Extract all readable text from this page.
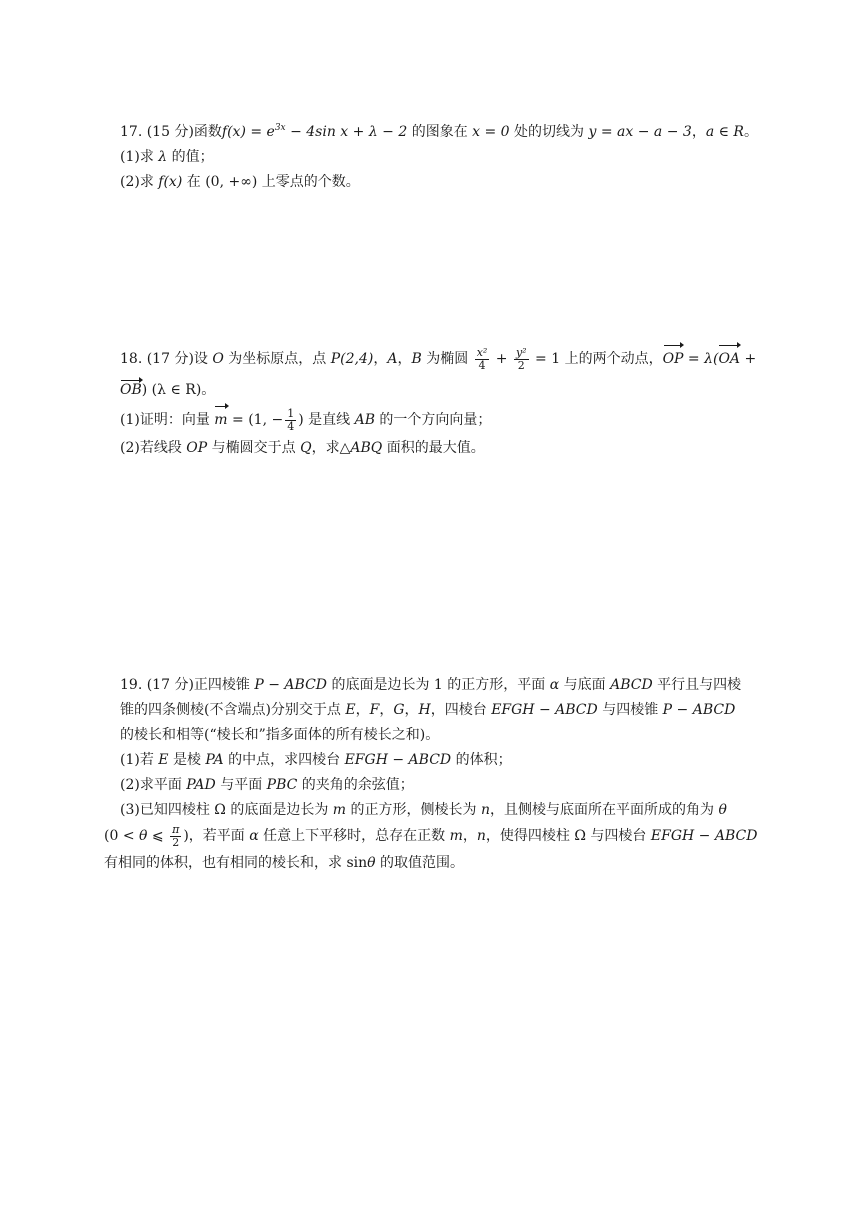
17. (15 分)函数$f(x) = e^{3x} - 4\sin$ x + λ − 2 的图象在 x = 0 处的切线为 y = ax − a − 3，a ∈ R。
(1)求 λ 的值；
(2)求 f(x) 在 (0, +∞) 上零点的个数。
18. (17 分)设 O 为坐标原点，点 P(2,4)，A，B 为椭圆 $\frac{\text{x²}}{4} + \frac{\text{y²}}{2} = 1$ 上的两个动点，OP = λ(OA +
OB) (λ ∈ R)。
(1)证明：向量 m = (1, − $\frac{1}{4}$ ) 是直线 AB 的一个方向向量；
(2)若线段 OP 与椭圆交于点 Q，求△ABQ 面积的最大值。
19. (17 分)正四棱锥 P − ABCD 的底面是边长为 1 的正方形，平面 α 与底面 ABCD 平行且与四棱
锥的四条侧棱(不含端点)分别交于点 E，F，G，H，四棱台 EFGH − ABCD 与四棱锥 P − ABCD
的棱长和相等(“棱长和”指多面体的所有棱长之和)。
(1)若 E 是棱 PA 的中点，求四棱台 EFGH − ABCD 的体积；
(2)求平面 PAD 与平面 PBC 的夹角的余弦值；
(3)已知四棱柱 Ω 的底面是边长为 m 的正方形，侧棱长为 n，且侧棱与底面所在平面所成的角为 θ
(0 < θ ⩽ $\frac{\pi}{2}$ )，若平面 α 任意上下平移时，总存在正数 m，n，使得四棱柱 Ω 与四棱台 EFGH − ABCD
有相同的体积，也有相同的棱长和，求 sinθ 的取值范围。
